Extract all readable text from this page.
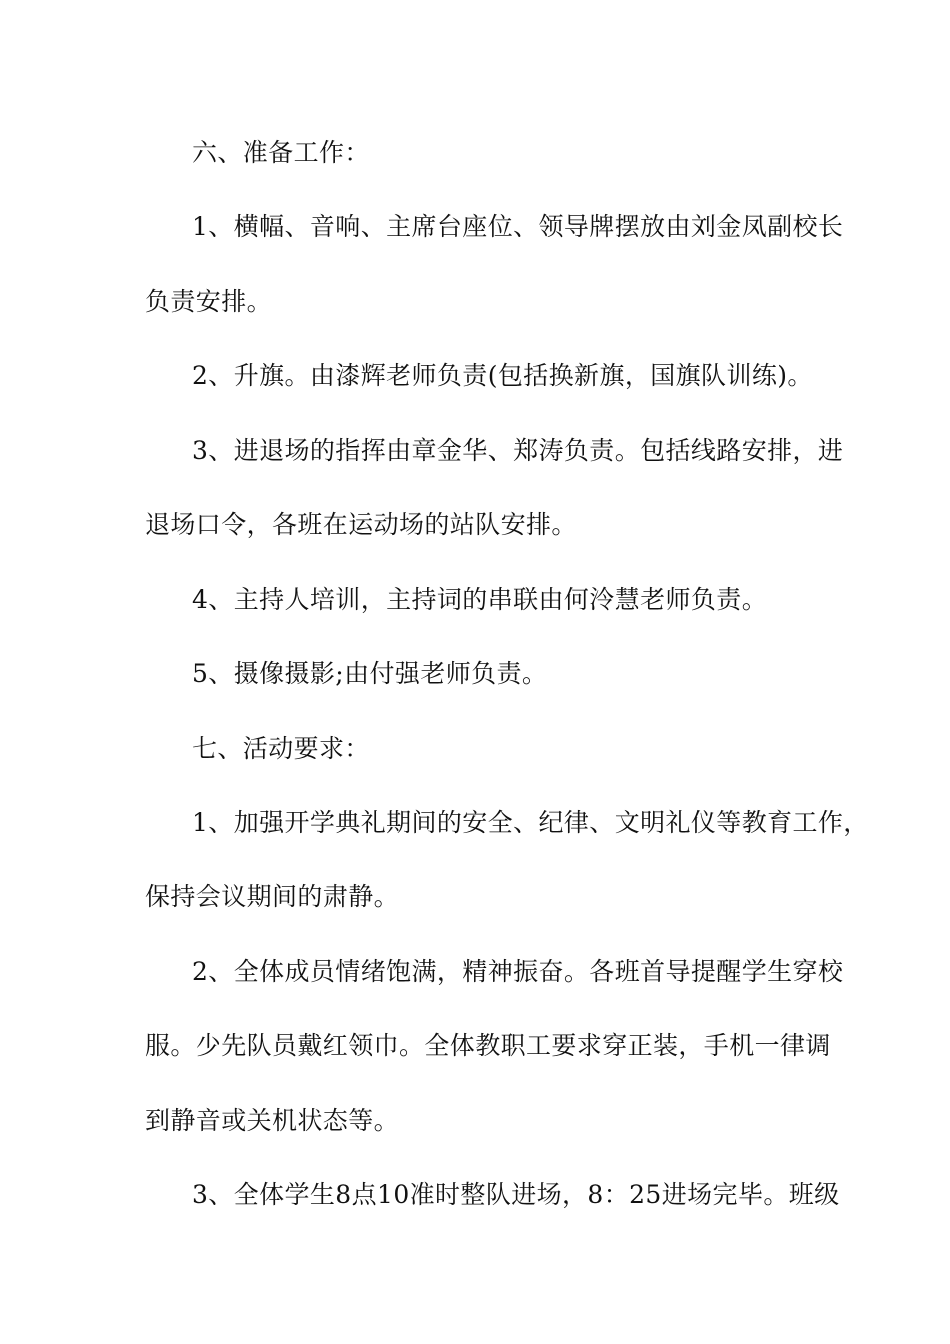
六、准备工作：
1、横幅、音响、主席台座位、领导牌摆放由刘金凤副校长
负责安排。
2、升旗。由漆辉老师负责(包括换新旗，国旗队训练)。
3、进退场的指挥由章金华、郑涛负责。包括线路安排，进
退场口令，各班在运动场的站队安排。
4、主持人培训，主持词的串联由何泠慧老师负责。
5、摄像摄影;由付强老师负责。
七、活动要求：
1、加强开学典礼期间的安全、纪律、文明礼仪等教育工作，
保持会议期间的肃静。
2、全体成员情绪饱满，精神振奋。各班首导提醒学生穿校
服。少先队员戴红领巾。全体教职工要求穿正装，手机一律调
到静音或关机状态等。
3、全体学生8点10准时整队进场，8：25进场完毕。班级
